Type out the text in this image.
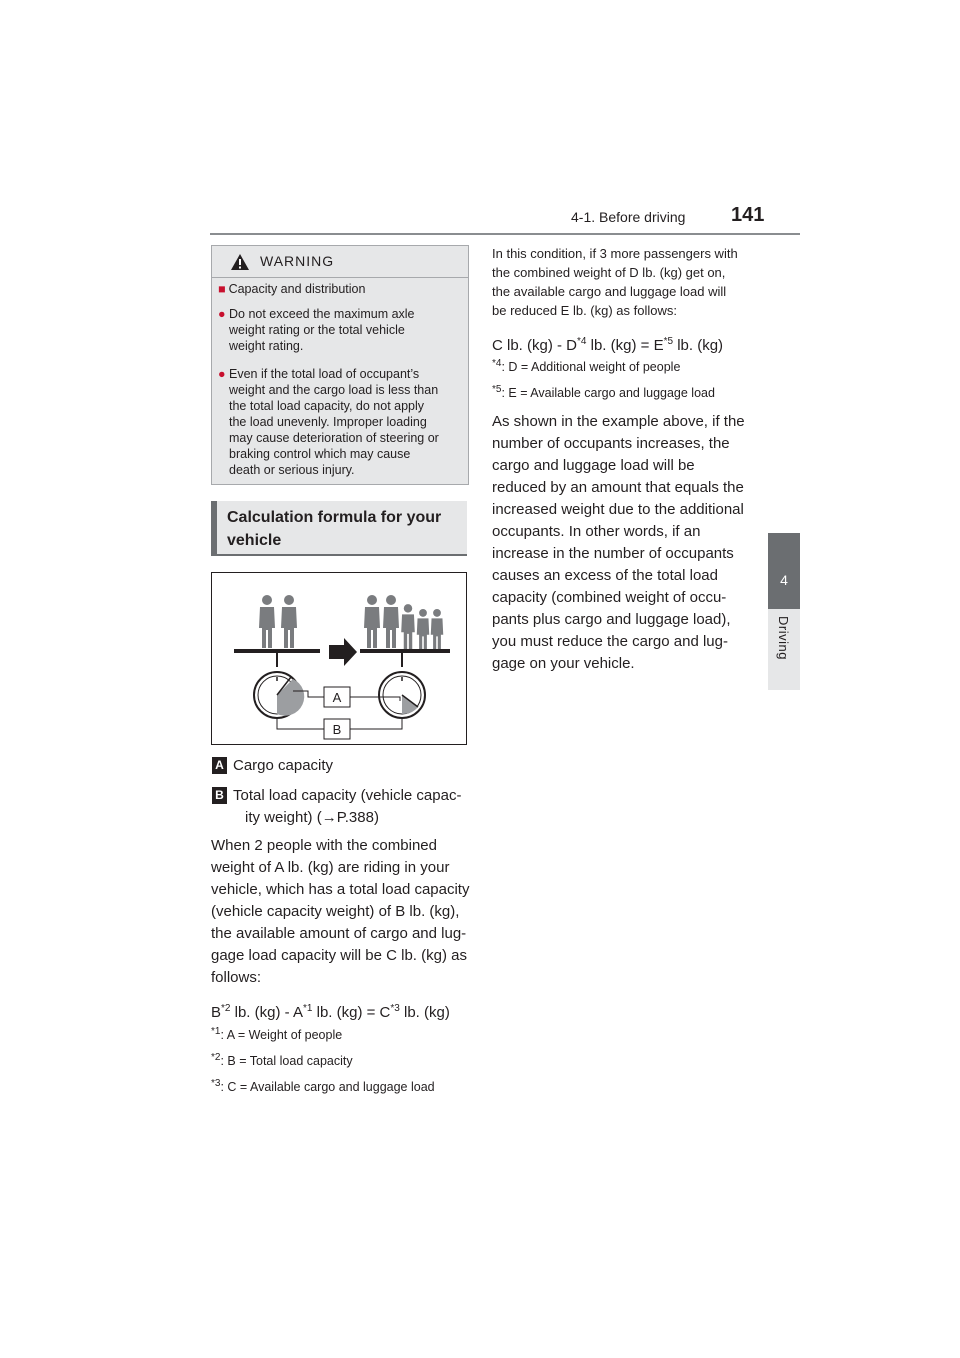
4-1. Before driving 141
4
Driving
WARNING
■ Capacity and distribution
● Do not exceed the maximum axle
weight rating or the total vehicle
weight rating.
● Even if the total load of occupant’s
weight and the cargo load is less than
the total load capacity, do not apply
the load unevenly. Improper loading
may cause deterioration of steering or
braking control which may cause
death or serious injury.
Calculation formula for your
vehicle
A
B
A Cargo capacity
B Total load capacity (vehicle capac-
ity weight) (→P.388)
When 2 people with the combined
weight of A lb. (kg) are riding in your
vehicle, which has a total load capacity
(vehicle capacity weight) of B lb. (kg),
the available amount of cargo and lug-
gage load capacity will be C lb. (kg) as
follows:
$B^{*2}$ lb. $(kg) - A^{*1}$ lb. $(kg) = C^{*3}$ lb. (kg)
$^{*1}$: A = Weight of people
$^{*2}$: B = Total load capacity
$^{*3}$: C = Available cargo and luggage load
In this condition, if 3 more passengers with
the combined weight of D lb. (kg) get on,
the available cargo and luggage load will
be reduced E lb. (kg) as follows:
C lb. $(kg) - D^{*4}$ lb. $(kg) = E^{*5}$ lb. (kg)
$^{*4}$: D = Additional weight of people
$^{*5}$: E = Available cargo and luggage load
As shown in the example above, if the
number of occupants increases, the
cargo and luggage load will be
reduced by an amount that equals the
increased weight due to the additional
occupants. In other words, if an
increase in the number of occupants
causes an excess of the total load
capacity (combined weight of occu-
pants plus cargo and luggage load),
you must reduce the cargo and lug-
gage on your vehicle.
